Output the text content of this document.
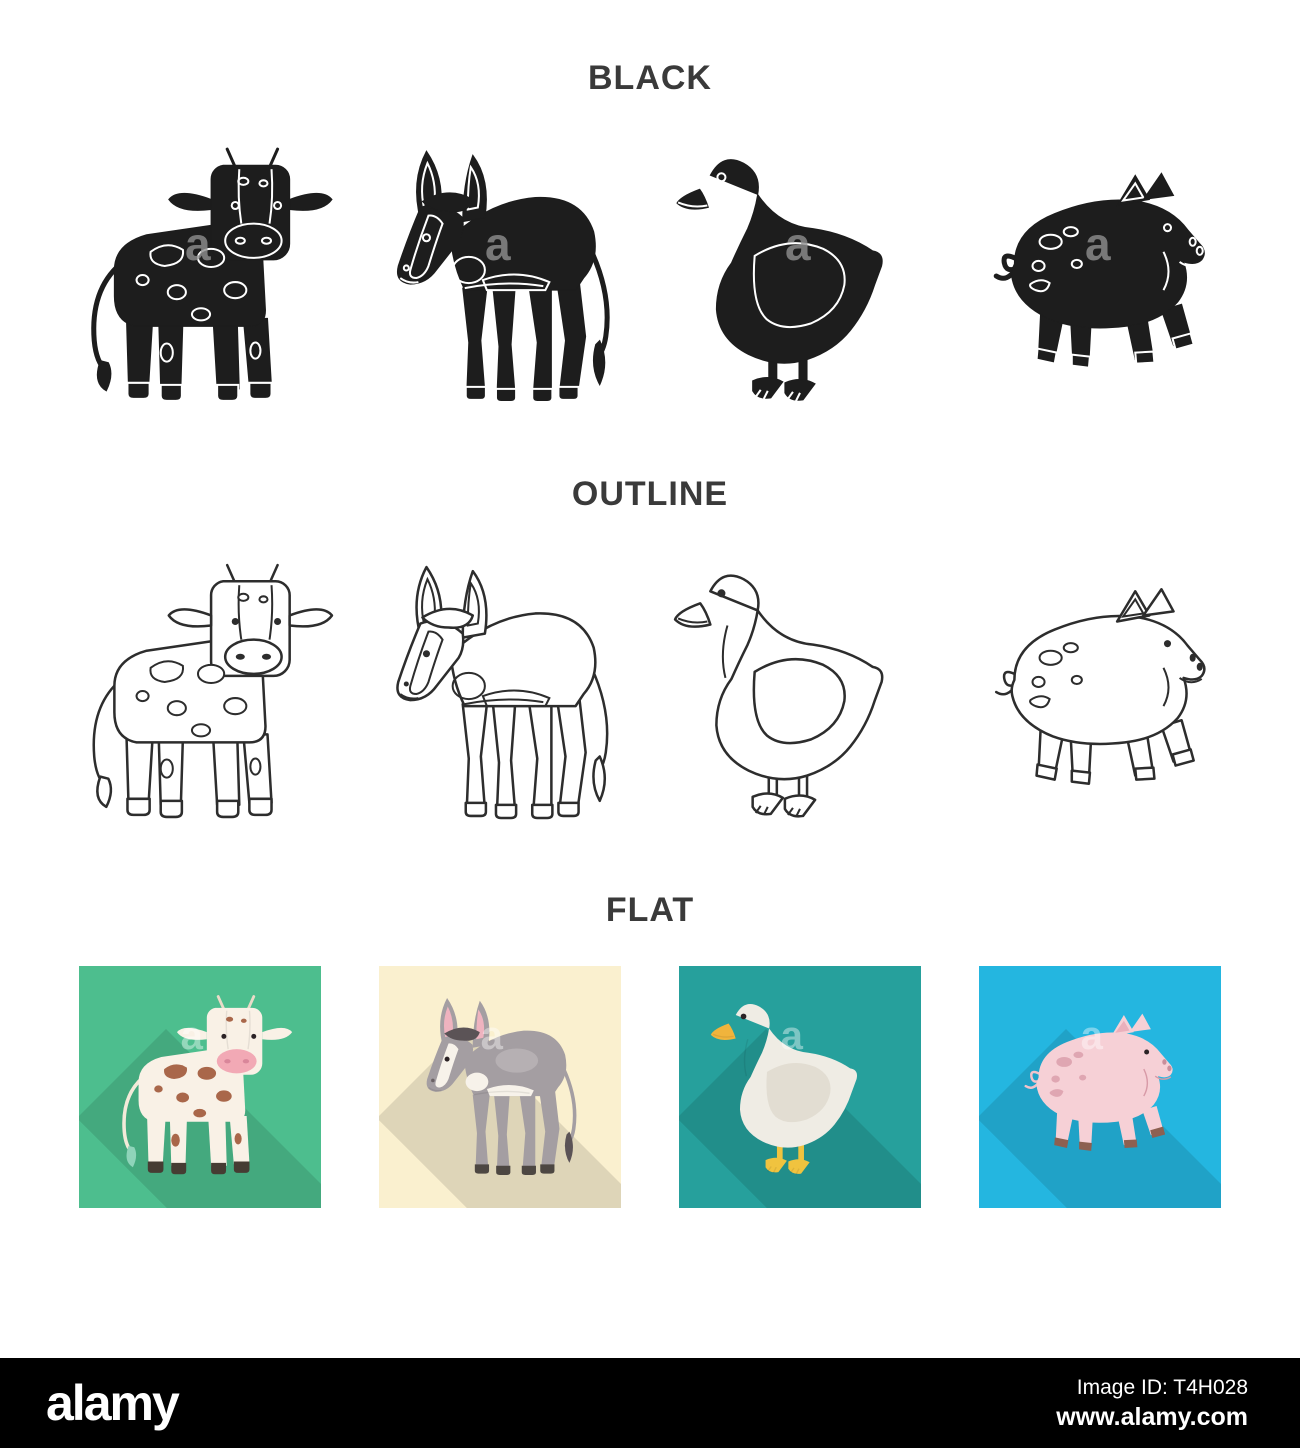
BLACK
a	a	a	a
OUTLINE
FLAT
a	a	a	a
alamy	Image ID: T4H028
www.alamy.com
